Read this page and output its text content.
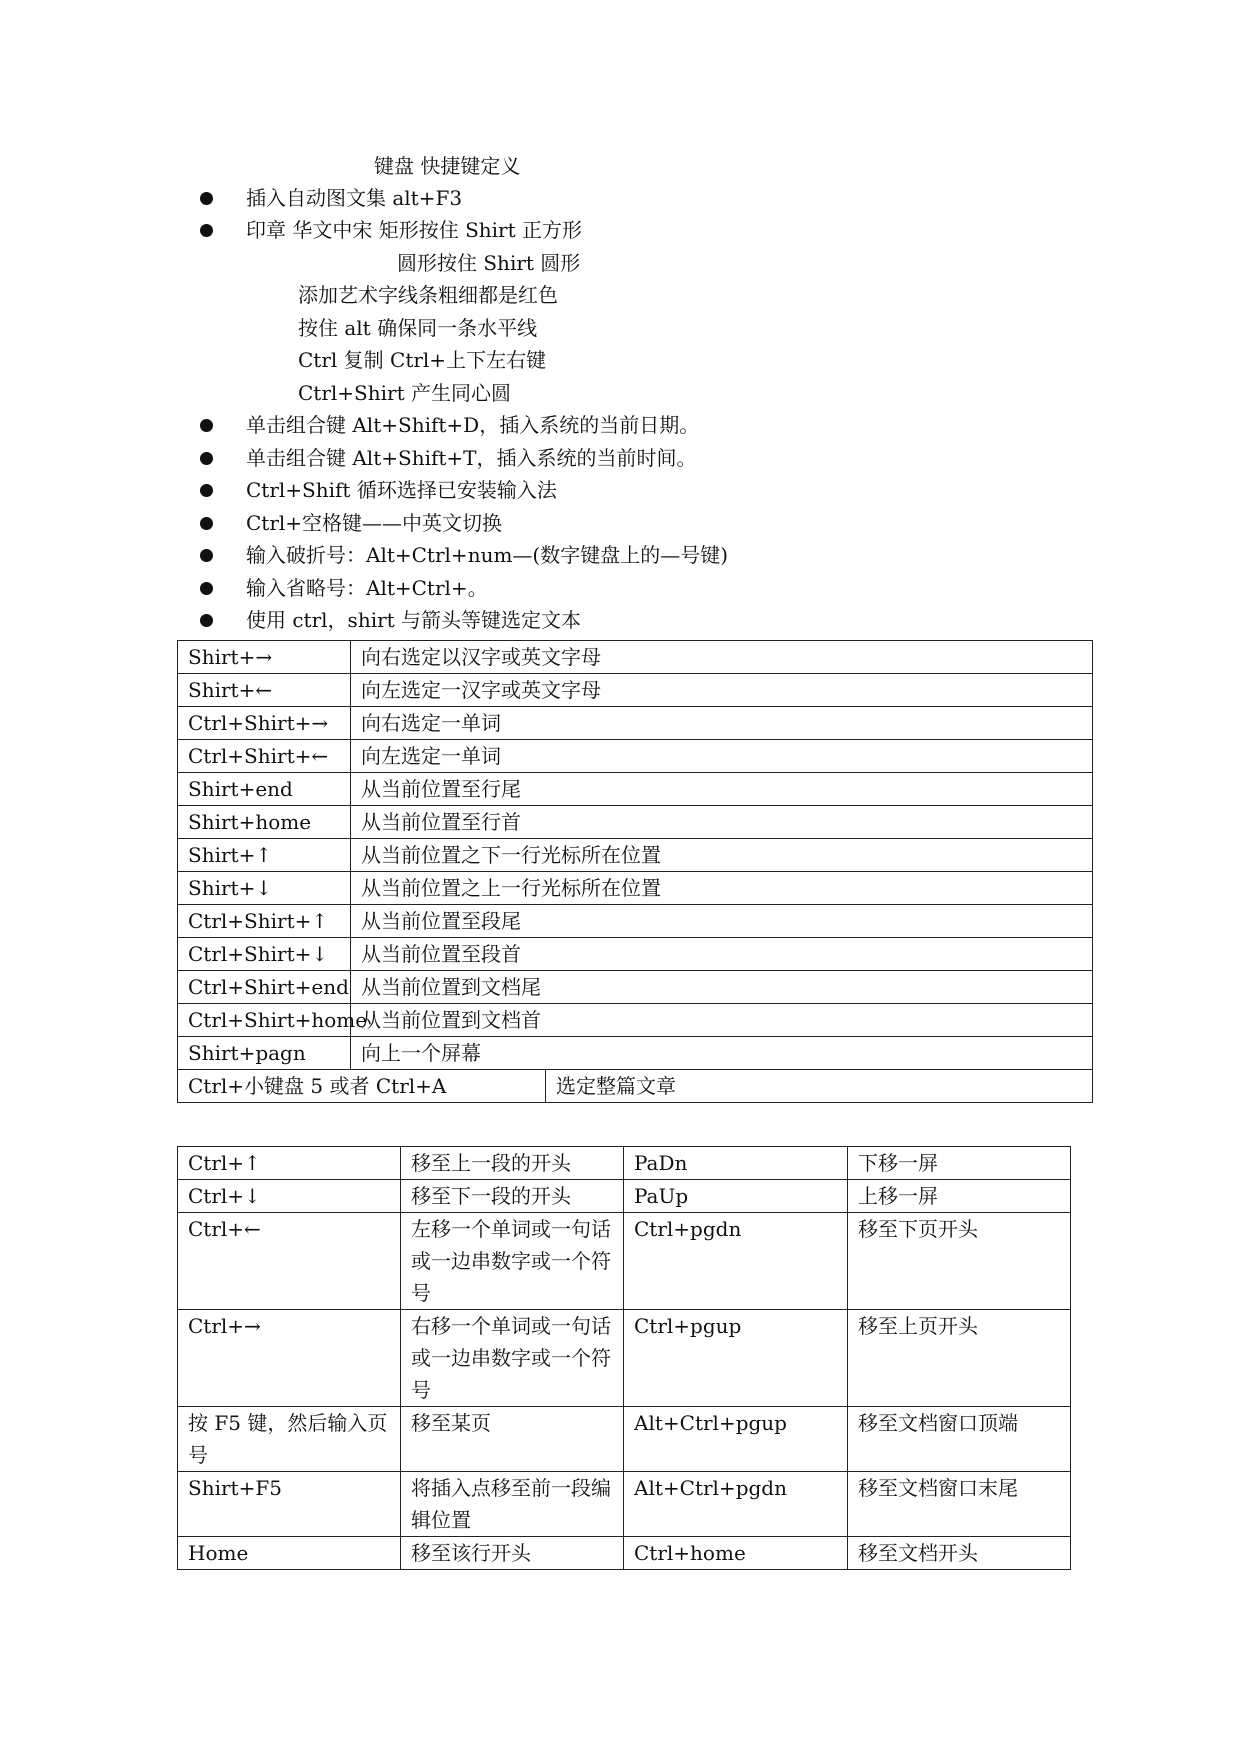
键盘 快捷键定义
插入自动图文集 alt+F3
印章 华文中宋 矩形按住 Shirt 正方形
圆形按住 Shirt 圆形
添加艺术字线条粗细都是红色
按住 alt 确保同一条水平线
Ctrl 复制 Ctrl+上下左右键
Ctrl+Shirt 产生同心圆
单击组合键 Alt+Shift+D，插入系统的当前日期。
单击组合键 Alt+Shift+T，插入系统的当前时间。
Ctrl+Shift 循环选择已安装输入法
Ctrl+空格键——中英文切换
输入破折号：Alt+Ctrl+num—(数字键盘上的—号键)
输入省略号：Alt+Ctrl+。
使用 ctrl，shirt 与箭头等键选定文本
Shirt+→	向右选定以汉字或英文字母	
Shirt+←	向左选定一汉字或英文字母	
Ctrl+Shirt+→	向右选定一单词	
Ctrl+Shirt+←	向左选定一单词	
Shirt+end	从当前位置至行尾	
Shirt+home	从当前位置至行首	
Shirt+↑	从当前位置之下一行光标所在位置	
Shirt+↓	从当前位置之上一行光标所在位置	
Ctrl+Shirt+↑	从当前位置至段尾	
Ctrl+Shirt+↓	从当前位置至段首	
Ctrl+Shirt+end	从当前位置到文档尾	
Ctrl+Shirt+home	从当前位置到文档首	
Shirt+pagn	向上一个屏幕	
Ctrl+小键盘 5 或者 Ctrl+A		选定整篇文章
Ctrl+↑	移至上一段的开头	PaDn	下移一屏
Ctrl+↓	移至下一段的开头	PaUp	上移一屏
Ctrl+←	左移一个单词或一句话或一边串数字或一个符号	Ctrl+pgdn	移至下页开头
Ctrl+→	右移一个单词或一句话或一边串数字或一个符号	Ctrl+pgup	移至上页开头
按 F5 键，然后输入页号	移至某页	Alt+Ctrl+pgup	移至文档窗口顶端
Shirt+F5	将插入点移至前一段编辑位置	Alt+Ctrl+pgdn	移至文档窗口末尾
Home	移至该行开头	Ctrl+home	移至文档开头
